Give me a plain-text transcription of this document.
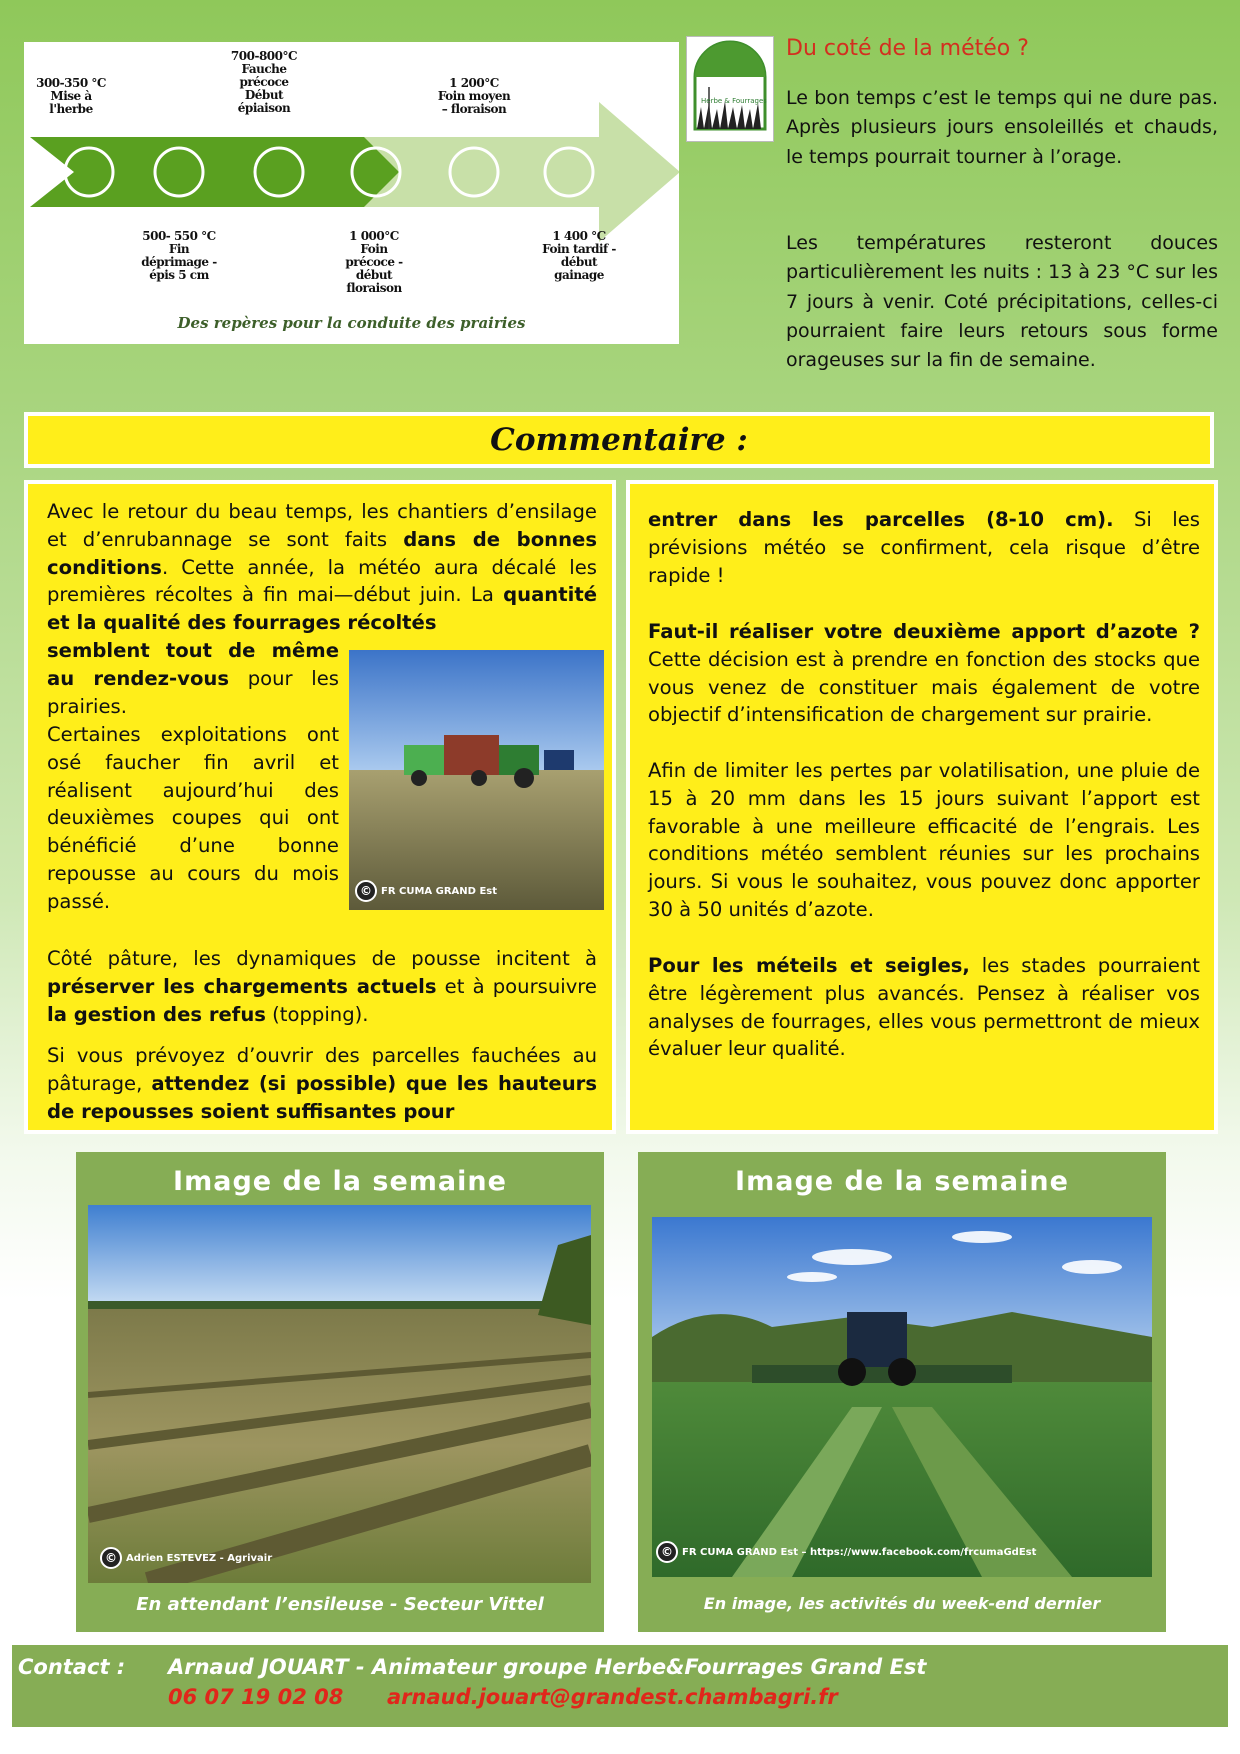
300-350 °C
Mise à
l'herbe
700-800°C
Fauche
précoce
Début
épiaison
1 200°C
Foin moyen
– floraison
500- 550 °C
Fin
déprimage -
épis 5 cm
1 000°C
Foin
précoce -
début
floraison
1 400 °C
Foin tardif -
début
gainage
Des repères pour la conduite des prairies
Herbe & Fourrages
Du coté de la météo ?
Le bon temps c’est le temps qui ne dure pas. Après plusieurs jours ensoleillés et chauds, le temps pourrait tourner à l’orage.
Les températures resteront douces particulièrement les nuits : 13 à 23 °C sur les 7 jours à venir. Coté précipitations, celles-ci pourraient faire leurs retours sous forme orageuses sur la fin de semaine.
Commentaire :
Avec le retour du beau temps, les chantiers d’ensilage et d’enrubannage se sont faits dans de bonnes conditions. Cette année, la météo aura décalé les premières récoltes à fin mai—début juin. La quantité et la qualité des fourrages récoltés
semblent tout de même au rendez-vous pour les prairies.
Certaines exploitations ont osé faucher fin avril et réalisent aujourd’hui des deuxièmes coupes qui ont bénéficié d’une bonne repousse au cours du mois passé.
Côté pâture, les dynamiques de pousse incitent à préserver les chargements actuels et à poursuivre la gestion des refus (topping).
Si vous prévoyez d’ouvrir des parcelles fauchées au pâturage, attendez (si possible) que les hauteurs de repousses soient suffisantes pour
© FR CUMA GRAND Est
entrer dans les parcelles (8-10 cm). Si les prévisions météo se confirment, cela risque d’être rapide !
Faut-il réaliser votre deuxième apport d’azote ? Cette décision est à prendre en fonction des stocks que vous venez de constituer mais également de votre objectif d’intensification de chargement sur prairie.
Afin de limiter les pertes par volatilisation, une pluie de 15 à 20 mm dans les 15 jours suivant l’apport est favorable à une meilleure efficacité de l’engrais. Les conditions météo semblent réunies sur les prochains jours. Si vous le souhaitez, vous pouvez donc apporter 30 à 50 unités d’azote.
Pour les méteils et seigles, les stades pourraient être légèrement plus avancés. Pensez à réaliser vos analyses de fourrages, elles vous permettront de mieux évaluer leur qualité.
Image de la semaine
© Adrien ESTEVEZ - Agrivair
En attendant l’ensileuse - Secteur Vittel
Image de la semaine
© FR CUMA GRAND Est – https://www.facebook.com/frcumaGdEst
En image, les activités du week-end dernier
Contact : Arnaud JOUART - Animateur groupe Herbe&Fourrages Grand Est
06 07 19 02 08 arnaud.jouart@grandest.chambagri.fr
